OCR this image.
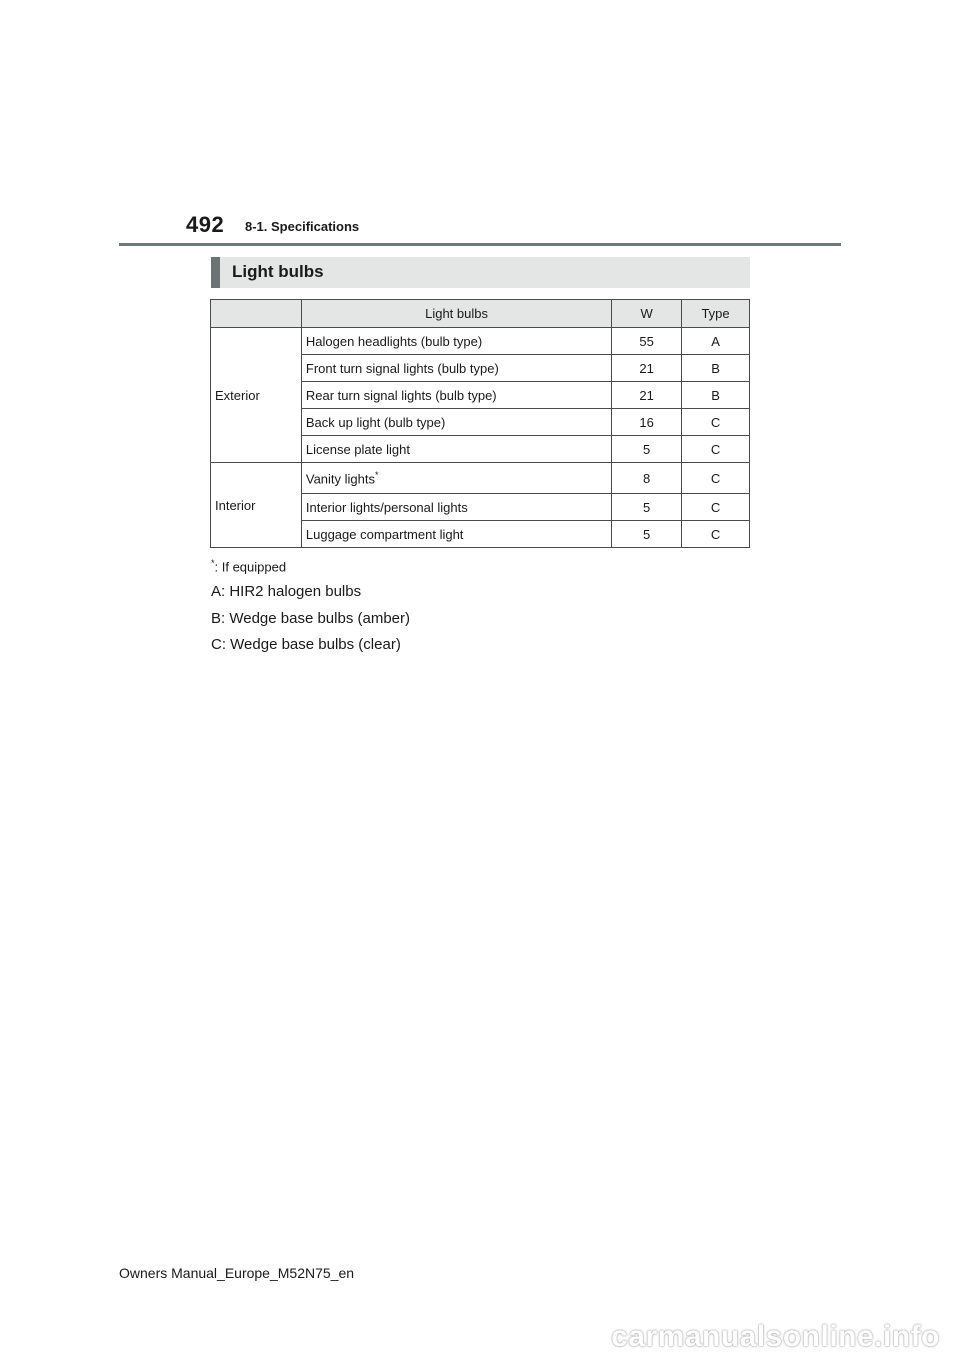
492 8-1. Specifications
Light bulbs
	Light bulbs	W	Type
Exterior	Halogen headlights (bulb type)	55	A
	Front turn signal lights (bulb type)	21	B
	Rear turn signal lights (bulb type)	21	B
	Back up light (bulb type)	16	C
	License plate light	5	C
Interior	Vanity lights*	8	C
	Interior lights/personal lights	5	C
	Luggage compartment light	5	C
*: If equipped
A: HIR2 halogen bulbs
B: Wedge base bulbs (amber)
C: Wedge base bulbs (clear)
Owners Manual_Europe_M52N75_en
carmanualsonline.info
